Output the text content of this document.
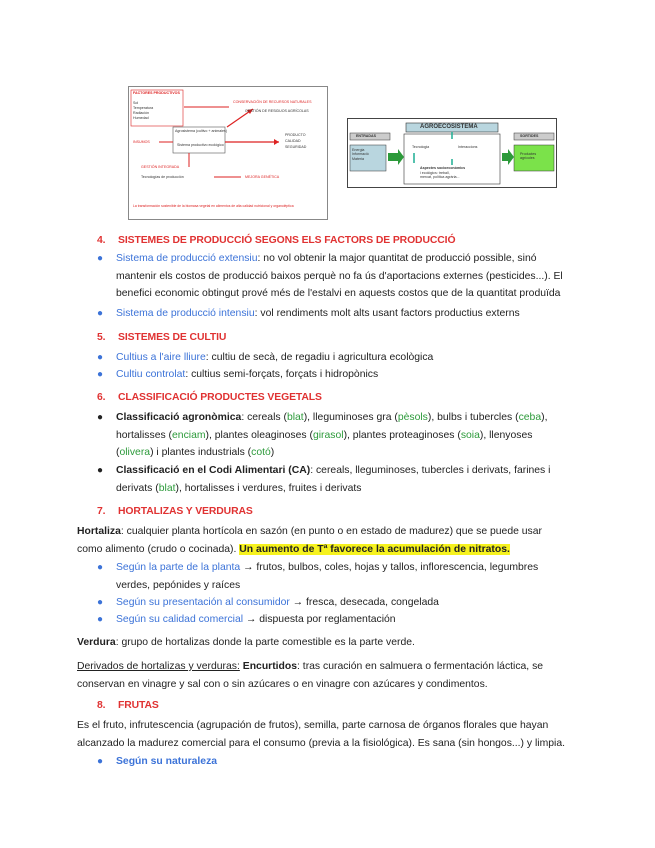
FACTORES PRODUCTIVOS
Sol
Temperatura
Radiación
Humedad
CONSERVACIÓN DE RECURSOS NATURALES
GESTIÓN DE RESIDUOS AGRÍCOLAS
Agrosistema (cultivo + animales)
Sistema productivo ecológico
PRODUCTO
CALIDAD
SEGURIDAD
INSUMOS
GESTIÓN INTEGRADA
Tecnologías de producción	MEJORA GENÉTICA
La transformación sostenible de la biomasa vegetal en alimentos de alta calidad nutricional y organoléptica
AGROECOSISTEMA
ENTRADAS	SORTIDES
Energia
Informació
Materia
Tecnologia	Interaccions
Aspectes socioeconòmics
i ecològics: treball,
mercat, política agrària...
Productes
agrícoles
4. SISTEMES DE PRODUCCIÓ SEGONS ELS FACTORS DE PRODUCCIÓ
●	Sistema de producció extensiu: no vol obtenir la major quantitat de producció possible, sinó
mantenir els costos de producció baixos perquè no fa ús d'aportacions externes (pesticides...). El
benefici economic obtingut prové més de l'estalvi en aquests costos que de la quantitat produïda
●	Sistema de producció intensiu: vol rendiments molt alts usant factors productius externs
5. SISTEMES DE CULTIU
●	Cultius a l'aire lliure: cultiu de secà, de regadiu i agricultura ecològica
●	Cultiu controlat: cultius semi-forçats, forçats i hidropònics
6. CLASSIFICACIÓ PRODUCTES VEGETALS
●	Classificació agronòmica: cereals (blat), lleguminoses gra (pèsols), bulbs i tubercles (ceba),
hortalisses (enciam), plantes oleaginoses (girasol), plantes proteaginoses (soia), llenyoses
(olivera) i plantes industrials (cotó)
●	Classificació en el Codi Alimentari (CA): cereals, lleguminoses, tubercles i derivats, farines i
derivats (blat), hortalisses i verdures, fruites i derivats
7. HORTALIZAS Y VERDURAS
Hortaliza: cualquier planta hortícola en sazón (en punto o en estado de madurez) que se puede usar
como alimento (crudo o cocinada). Un aumento de Tª favorece la acumulación de nitratos.
●	Según la parte de la planta → frutos, bulbos, coles, hojas y tallos, inflorescencia, legumbres
verdes, pepónides y raíces
●	Según su presentación al consumidor → fresca, desecada, congelada
●	Según su calidad comercial → dispuesta por reglamentación
Verdura: grupo de hortalizas donde la parte comestible es la parte verde.
Derivados de hortalizas y verduras: Encurtidos: tras curación en salmuera o fermentación láctica, se
conservan en vinagre y sal con o sin azúcares o en vinagre con azúcares y condimentos.
8. FRUTAS
Es el fruto, infrutescencia (agrupación de frutos), semilla, parte carnosa de órganos florales que hayan
alcanzado la madurez comercial para el consumo (previa a la fisiológica). Es sana (sin hongos...) y limpia.
●	Según su naturaleza
